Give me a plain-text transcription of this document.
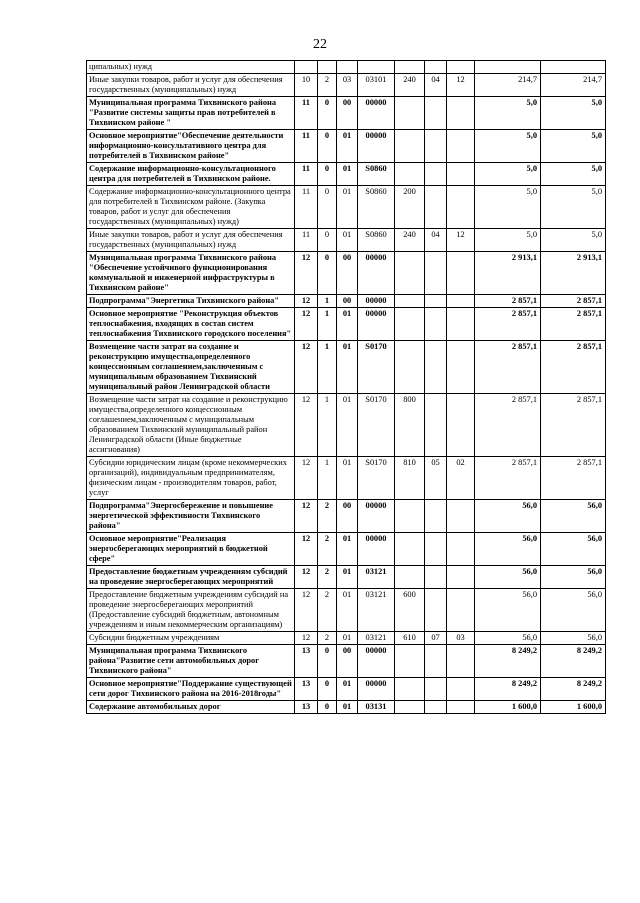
22
ципальных) нужд									
Иные закупки товаров, работ и услуг для обеспечения государственных (муниципальных) нужд	10	2	03	03101	240	04	12	214,7	214,7
Муниципальная программа Тихвинского района "Развитие системы защиты прав потребителей в Тихвинском районе "	11	0	00	00000				5,0	5,0
Основное мероприятие"Обеспечение деятельности информационно-консультативного центра для потребителей в Тихвинском районе"	11	0	01	00000				5,0	5,0
Содержание информационно-консультационного центра для потребителей в Тихвинском районе.	11	0	01	S0860				5,0	5,0
Содержание информационно-консультационного центра для потребителей в Тихвинском районе. (Закупка товаров, работ и услуг для обеспечения государственных (муниципальных) нужд)	11	0	01	S0860	200			5,0	5,0
Иные закупки товаров, работ и услуг для обеспечения государственных (муниципальных) нужд	11	0	01	S0860	240	04	12	5,0	5,0
Муниципальная программа Тихвинского района "Обеспечение устойчивого функционирования коммунальной и инженерной инфраструктуры в Тихвинском районе"	12	0	00	00000				2 913,1	2 913,1
Подпрограмма"Энергетика Тихвинского района"	12	1	00	00000				2 857,1	2 857,1
Основное мероприятие "Реконструкция объектов теплоснабжения, входящих в состав систем теплоснабжения Тихвинского городского поселения"	12	1	01	00000				2 857,1	2 857,1
Возмещение части затрат на создание и реконструкцию имущества,определенного концессионным соглашением,заключенным с муниципальным образованием Тихвинский муниципальный район Ленинградской области	12	1	01	S0170				2 857,1	2 857,1
Возмещение части затрат на создание и реконструкцию имущества,определенного концессионным соглашением,заключенным с муниципальным образованием Тихвинский муниципальный район Ленинградской области (Иные бюджетные ассигнования)	12	1	01	S0170	800			2 857,1	2 857,1
Субсидии юридическим лицам (кроме некоммерческих организаций), индивидуальным предпринимателям, физическим лицам - производителям товаров, работ, услуг	12	1	01	S0170	810	05	02	2 857,1	2 857,1
Подпрограмма"Энергосбережение и повышение энергетической эффективности Тихвинского района"	12	2	00	00000				56,0	56,0
Основное мероприятие"Реализация энергосберегающих мероприятий в бюджетной сфере"	12	2	01	00000				56,0	56,0
Предоставление бюджетным учреждениям субсидий на проведение энергосберегающих мероприятий	12	2	01	03121				56,0	56,0
Предоставление бюджетным учреждениям субсидий на проведение энергосберегающих мероприятий (Предоставление субсидий бюджетным, автономным учреждениям и иным некоммерческим организациям)	12	2	01	03121	600			56,0	56,0
Субсидии бюджетным учреждениям	12	2	01	03121	610	07	03	56,0	56,0
Муниципальная программа Тихвинского района"Развитие сети автомобильных дорог Тихвинского района"	13	0	00	00000				8 249,2	8 249,2
Основное мероприятие"Поддержание существующей сети дорог Тихвинского района на 2016-2018годы"	13	0	01	00000				8 249,2	8 249,2
Содержание автомобильных дорог	13	0	01	03131				1 600,0	1 600,0
